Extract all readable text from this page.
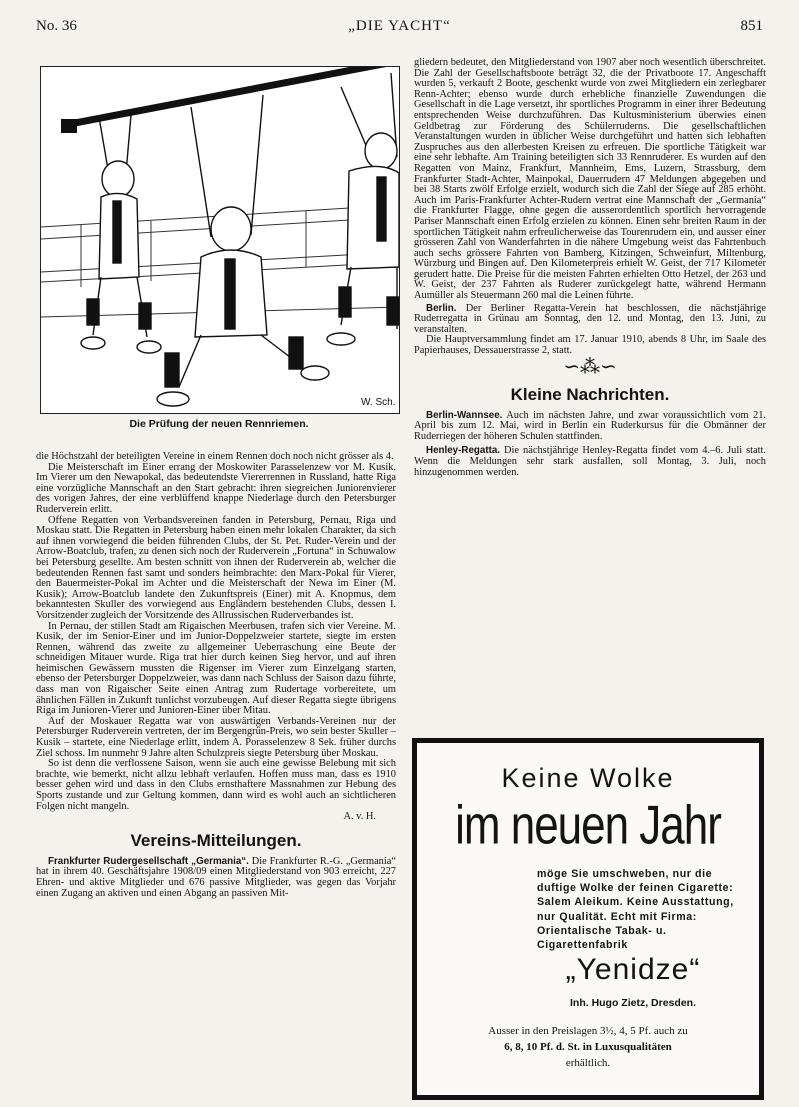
No. 36	„DIE YACHT“	851
W. Sch.
Die Prüfung der neuen Rennriemen.

die Höchstzahl der beteiligten Vereine in einem Rennen doch noch nicht grösser als 4.

Die Meisterschaft im Einer errang der Moskowiter Parasselenzew vor M. Kusik. Im Vierer um den Newapokal, das bedeutendste Viererrennen in Russland, hatte Riga eine vorzügliche Mannschaft an den Start gebracht: ihren siegreichen Juniorenvierer des vorigen Jahres, der eine verblüffend knappe Niederlage durch den Petersburger Ruderverein erlitt.

Offene Regatten von Verbandsvereinen fanden in Petersburg, Pernau, Riga und Moskau statt. Die Regatten in Petersburg haben einen mehr lokalen Charakter, da sich auf ihnen vorwiegend die beiden führenden Clubs, der St. Pet. Ruder-Verein und der Arrow-Boatclub, trafen, zu denen sich noch der Ruderverein „Fortuna“ in Schuwalow bei Petersburg gesellte. Am besten schnitt von ihnen der Ruderverein ab, welcher die bedeutenden Rennen fast samt und sonders heimbrachte: den Marx-Pokal für Vierer, den Bauermeister-Pokal im Achter und die Meisterschaft der Newa im Einer (M. Kusik); Arrow-Boatclub landete den Zukunftspreis (Einer) mit A. Knopmus, dem bekanntesten Skuller des vorwiegend aus Engländern bestehenden Clubs, dessen I. Vorsitzender zugleich der Vorsitzende des Allrussischen Ruderverbandes ist.

In Pernau, der stillen Stadt am Rigaischen Meerbusen, trafen sich vier Vereine. M. Kusik, der im Senior-Einer und im Junior-Doppelzweier startete, siegte im ersten Rennen, während das zweite zu allgemeiner Ueberraschung eine Beute der schneidigen Mitauer wurde. Riga trat hier durch keinen Sieg hervor, und auf ihren heimischen Gewässern mussten die Rigenser im Vierer zum Einzelgang starten, ebenso der Petersburger Doppelzweier, was dann nach Schluss der Saison dazu führte, dass man von Rigaischer Seite einen Antrag zum Rudertage vorbereitete, um ähnlichen Fällen in Zukunft tunlichst vorzubeugen. Auf dieser Regatta siegte übrigens Riga im Junioren-Vierer und Junioren-Einer über Mitau.

Auf der Moskauer Regatta war von auswärtigen Verbands-Vereinen nur der Petersburger Ruderverein vertreten, der im Bergengrün-Preis, wo sein bester Skuller – Kusik – startete, eine Niederlage erlitt, indem A. Porasselenzew 8 Sek. früher durchs Ziel schoss. Im nunmehr 9 Jahre alten Schulzpreis siegte Petersburg über Moskau.

So ist denn die verflossene Saison, wenn sie auch eine gewisse Belebung mit sich brachte, wie bemerkt, nicht allzu lebhaft verlaufen. Hoffen muss man, dass es 1910 besser gehen wird und dass in den Clubs ernsthaftere Massnahmen zur Hebung des Sports zustande und zur Geltung kommen, dann wird es wohl auch an sichtlicheren Folgen nicht mangeln.

A. v. H.

Vereins-Mitteilungen.

Frankfurter Rudergesellschaft „Germania“. Die Frankfurter R.-G. „Germania“ hat in ihrem 40. Geschäftsjahre 1908/09 einen Mitgliederstand von 903 erreicht, 227 Ehren- und aktive Mitglieder und 676 passive Mitglieder, was gegen das Vorjahr einen Zugang an aktiven und einen Abgang an passiven Mit-

gliedern bedeutet, den Mitgliederstand von 1907 aber noch wesentlich überschreitet. Die Zahl der Gesellschaftsboote beträgt 32, die der Privatboote 17. Angeschafft wurden 5, verkauft 2 Boote, geschenkt wurde von zwei Mitgliedern ein zerlegbarer Renn-Achter; ebenso wurde durch erhebliche finanzielle Zuwendungen die Gesellschaft in die Lage versetzt, ihr sportliches Programm in einer ihrer Bedeutung entsprechenden Weise durchzuführen. Das Kultusministerium überwies einen Geldbetrag zur Förderung des Schülerruderns. Die gesellschaftlichen Veranstaltungen wurden in üblicher Weise durchgeführt und hatten sich lebhaften Zuspruches aus den allerbesten Kreisen zu erfreuen. Die sportliche Tätigkeit war eine sehr lebhafte. Am Training beteiligten sich 33 Rennruderer. Es wurden auf den Regatten von Mainz, Frankfurt, Mannheim, Ems, Luzern, Strassburg, dem Frankfurter Stadt-Achter, Mainpokal, Dauerrudern 47 Meldungen abgegeben und bei 38 Starts zwölf Erfolge erzielt, wodurch sich die Zahl der Siege auf 285 erhöht. Auch im Paris-Frankfurter Achter-Rudern vertrat eine Mannschaft der „Germania“ die Frankfurter Flagge, ohne gegen die ausserordentlich sportlich hervorragende Pariser Mannschaft einen Erfolg erzielen zu können. Einen sehr breiten Raum in der sportlichen Tätigkeit nahm erfreulicherweise das Tourenrudern ein, und ausser einer grösseren Zahl von Wanderfahrten in die nähere Umgebung weist das Fahrtenbuch auch sechs grössere Fahrten von Bamberg, Kitzingen, Schweinfurt, Miltenburg, Würzburg und Bingen auf. Den Kilometerpreis erhielt W. Geist, der 717 Kilometer gerudert hatte. Die Preise für die meisten Fahrten erhielten Otto Hetzel, der 263 und W. Geist, der 237 Fahrten als Ruderer zurückgelegt hatte, während Hermann Aumüller als Steuermann 260 mal die Leinen führte.

Berlin. Der Berliner Regatta-Verein hat beschlossen, die nächstjährige Ruderregatta in Grünau am Sonntag, den 12. und Montag, den 13. Juni, zu veranstalten.

Die Hauptversammlung findet am 17. Januar 1910, abends 8 Uhr, im Saale des Papierhauses, Dessauerstrasse 2, statt.

∽⁂∽

Kleine Nachrichten.

Berlin-Wannsee. Auch im nächsten Jahre, und zwar voraussichtlich vom 21. April bis zum 12. Mai, wird in Berlin ein Ruderkursus für die Obmänner der Ruderriegen der höheren Schulen stattfinden.

Henley-Regatta. Die nächstjährige Henley-Regatta findet vom 4.–6. Juli statt. Wenn die Meldungen sehr stark ausfallen, soll Montag, 3. Juli, noch hinzugenommen werden.

Keine Wolke
im neuen Jahr
möge Sie umschweben, nur die duftige Wolke der feinen Cigarette: Salem Aleikum. Keine Ausstattung, nur Qualität. Echt mit Firma: Orientalische Tabak- u. Cigarettenfabrik
„Yenidze“
Inh. Hugo Zietz, Dresden.
Ausser in den Preislagen 3½, 4, 5 Pf. auch zu
6, 8, 10 Pf. d. St. in Luxusqualitäten
erhältlich.
